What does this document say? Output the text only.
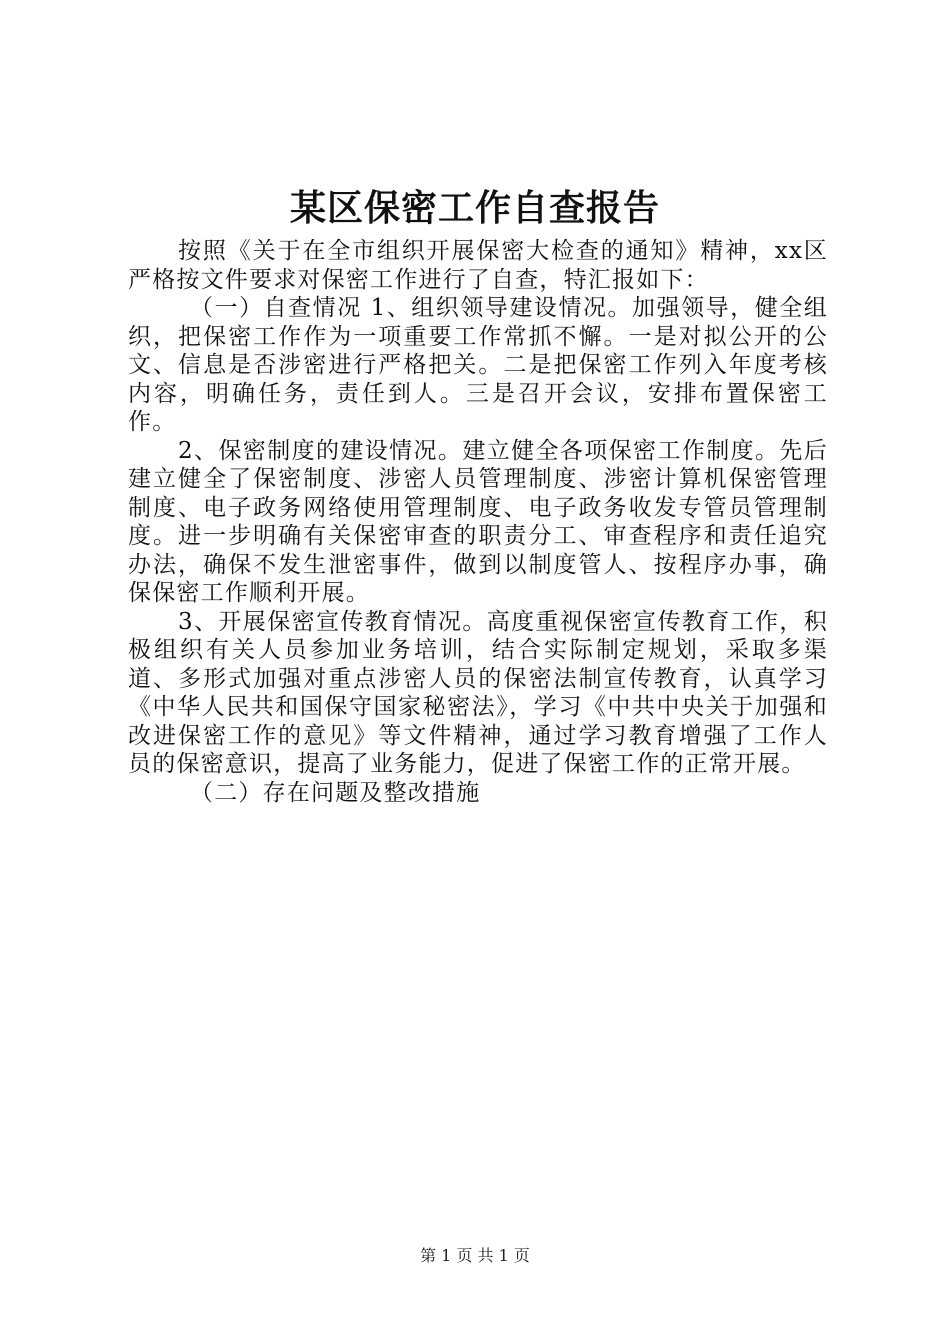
某区保密工作自查报告

按照《关于在全市组织开展保密大检查的通知》精神，xx区严格按文件要求对保密工作进行了自查，特汇报如下：

（一）自查情况 1、组织领导建设情况。加强领导，健全组织，把保密工作作为一项重要工作常抓不懈。一是对拟公开的公文、信息是否涉密进行严格把关。二是把保密工作列入年度考核内容，明确任务，责任到人。三是召开会议，安排布置保密工作。

2、保密制度的建设情况。建立健全各项保密工作制度。先后建立健全了保密制度、涉密人员管理制度、涉密计算机保密管理制度、电子政务网络使用管理制度、电子政务收发专管员管理制度。进一步明确有关保密审查的职责分工、审查程序和责任追究办法，确保不发生泄密事件，做到以制度管人、按程序办事，确保保密工作顺利开展。

3、开展保密宣传教育情况。高度重视保密宣传教育工作，积极组织有关人员参加业务培训，结合实际制定规划，采取多渠道、多形式加强对重点涉密人员的保密法制宣传教育，认真学习《中华人民共和国保守国家秘密法》，学习《中共中央关于加强和改进保密工作的意见》等文件精神，通过学习教育增强了工作人员的保密意识，提高了业务能力，促进了保密工作的正常开展。

（二）存在问题及整改措施

第 1 页 共 1 页
